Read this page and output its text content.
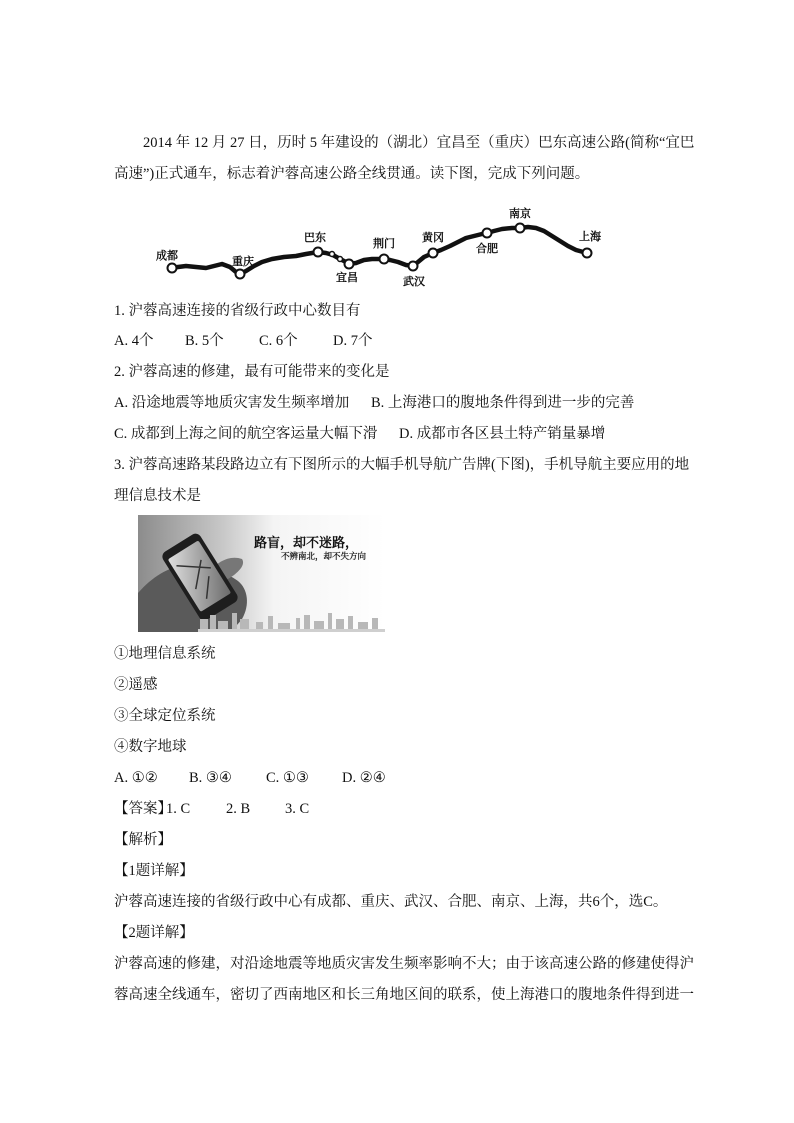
2014 年 12 月 27 日，历时 5 年建设的（湖北）宜昌至（重庆）巴东高速公路(简称“宜巴
高速”)正式通车，标志着沪蓉高速公路全线贯通。读下图，完成下列问题。
成都	重庆
巴东
宜昌
荆门
武汉
黄冈
合肥
南京
上海
1. 沪蓉高速连接的省级行政中心数目有
A. 4个 B. 5个 C. 6个 D. 7个
2. 沪蓉高速的修建，最有可能带来的变化是
A. 沿途地震等地质灾害发生频率增加 B. 上海港口的腹地条件得到进一步的完善
C. 成都到上海之间的航空客运量大幅下滑 D. 成都市各区县土特产销量暴增
3. 沪蓉高速路某段路边立有下图所示的大幅手机导航广告牌(下图)，手机导航主要应用的地
理信息技术是
路盲，却不迷路，
不辨南北，却不失方向
①地理信息系统
②遥感
③全球定位系统
④数字地球
A. ①② B. ③④ C. ①③ D. ②④
【答案】
1. C 2. B 3. C
【解析】
【1题详解】
沪蓉高速连接的省级行政中心有成都、重庆、武汉、合肥、南京、上海，共6个，选C。
【2题详解】
沪蓉高速的修建，对沿途地震等地质灾害发生频率影响不大；由于该高速公路的修建使得沪
蓉高速全线通车，密切了西南地区和长三角地区间的联系，使上海港口的腹地条件得到进一
